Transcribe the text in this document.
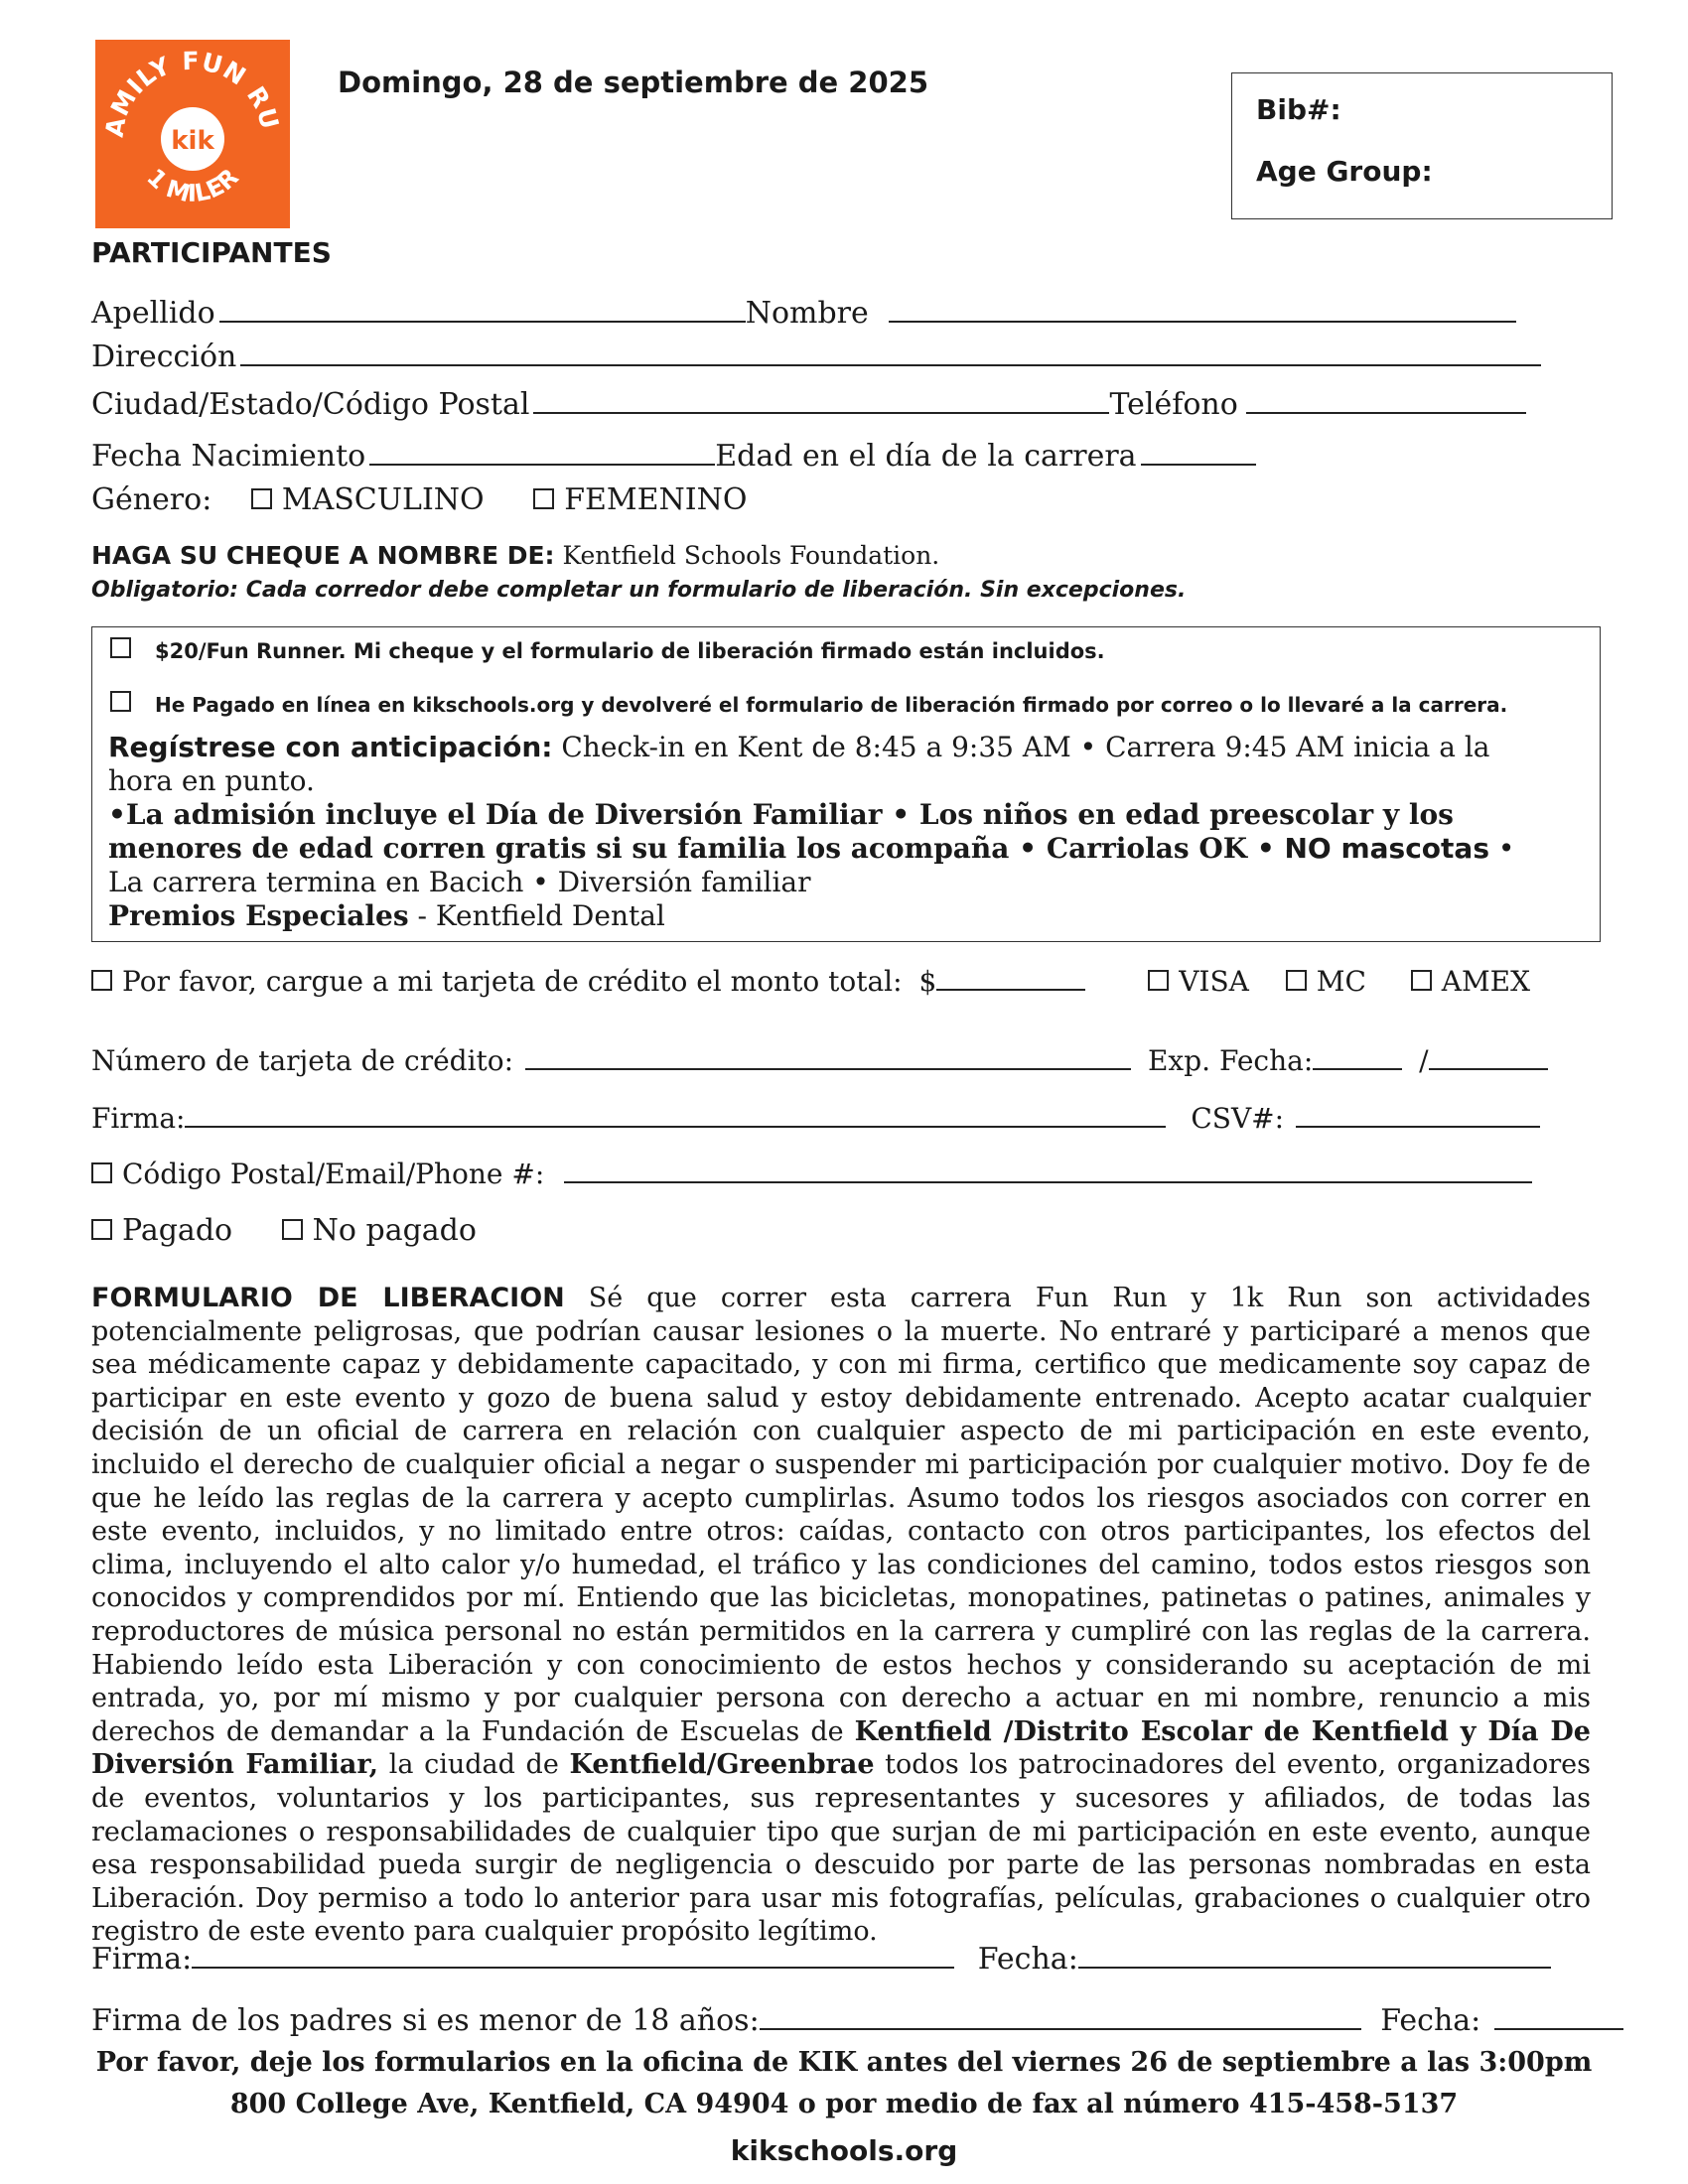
AMILY FUN RU
kik
1 MILER
Domingo, 28 de septiembre de 2025
Bib#:
Age Group:
PARTICIPANTES
Apellido	Nombre
Dirección
Ciudad/Estado/Código Postal	Teléfono
Fecha Nacimiento	Edad en el día de la carrera
Género: MASCULINO	FEMENINO
HAGA SU CHEQUE A NOMBRE DE: Kentfield Schools Foundation.
Obligatorio: Cada corredor debe completar un formulario de liberación. Sin excepciones.
$20/Fun Runner. Mi cheque y el formulario de liberación firmado están incluidos.
He Pagado en línea en kikschools.org y devolveré el formulario de liberación firmado por correo o lo llevaré a la carrera.
Regístrese con anticipación: Check-in en Kent de 8:45 a 9:35 AM • Carrera 9:45 AM inicia a la hora en punto.
•La admisión incluye el Día de Diversión Familiar • Los niños en edad preescolar y los menores de edad corren gratis si su familia los acompaña • Carriolas OK • NO mascotas • La carrera termina en Bacich • Diversión familiar
Premios Especiales - Kentfield Dental
Por favor, cargue a mi tarjeta de crédito el monto total: $	VISA MC	AMEX
Número de tarjeta de crédito:	Exp. Fecha:	/
Firma:	CSV#:
Código Postal/Email/Phone #:
Pagado	No pagado
FORMULARIO DE LIBERACION Sé que correr esta carrera Fun Run y 1k Run son actividades potencialmente peligrosas, que podrían causar lesiones o la muerte. No entraré y participaré a menos que sea médicamente capaz y debidamente capacitado, y con mi firma, certifico que medicamente soy capaz de participar en este evento y gozo de buena salud y estoy debidamente entrenado. Acepto acatar cualquier decisión de un oficial de carrera en relación con cualquier aspecto de mi participación en este evento, incluido el derecho de cualquier oficial a negar o suspender mi participación por cualquier motivo. Doy fe de que he leído las reglas de la carrera y acepto cumplirlas. Asumo todos los riesgos asociados con correr en este evento, incluidos, y no limitado entre otros: caídas, contacto con otros participantes, los efectos del clima, incluyendo el alto calor y/o humedad, el tráfico y las condiciones del camino, todos estos riesgos son conocidos y comprendidos por mí. Entiendo que las bicicletas, monopatines, patinetas o patines, animales y reproductores de música personal no están permitidos en la carrera y cumpliré con las reglas de la carrera. Habiendo leído esta Liberación y con conocimiento de estos hechos y considerando su aceptación de mi entrada, yo, por mí mismo y por cualquier persona con derecho a actuar en mi nombre, renuncio a mis derechos de demandar a la Fundación de Escuelas de Kentfield /Distrito Escolar de Kentfield y Día De Diversión Familiar, la ciudad de Kentfield/Greenbrae todos los patrocinadores del evento, organizadores de eventos, voluntarios y los participantes, sus representantes y sucesores y afiliados, de todas las reclamaciones o responsabilidades de cualquier tipo que surjan de mi participación en este evento, aunque esa responsabilidad pueda surgir de negligencia o descuido por parte de las personas nombradas en esta Liberación. Doy permiso a todo lo anterior para usar mis fotografías, películas, grabaciones o cualquier otro registro de este evento para cualquier propósito legítimo.
Firma:	Fecha:
Firma de los padres si es menor de 18 años:	Fecha:
Por favor, deje los formularios en la oficina de KIK antes del viernes 26 de septiembre a las 3:00pm
800 College Ave, Kentfield, CA 94904 o por medio de fax al número 415-458-5137
kikschools.org
